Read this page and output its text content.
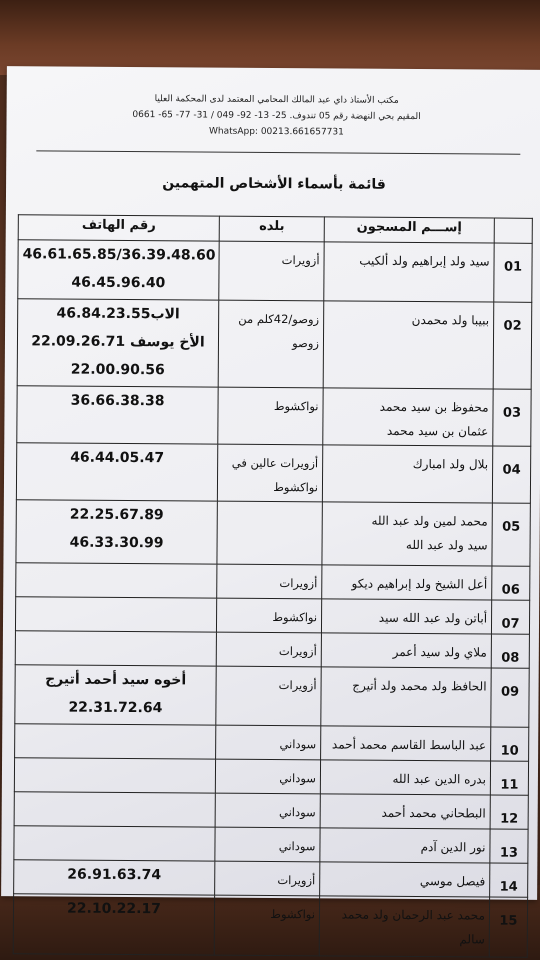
مكتب الأستاذ داي عبد المالك المحامي المعتمد لدى المحكمة العليا
المقيم بحي النهضة رقم 05 تندوف. 25- 13- 92- 049 / 31- 77- 65- 0661
WhatsApp: 00213.661657731
قائمة بأسماء الأشخاص المتهمين
	إســـم المسجون	بلده	رقم الهاتف
01	سيد ولد إبراهيم ولد ألكيب	أزويرات	46.61.65.85/36.39.48.60
46.45.96.40

02	ببيبا ولد محمدن	زوصو/42كلم من
زوصو	46.84.23.55الاب
22.09.26.71 الأخ يوسف
22.00.90.56

03	محفوظ بن سيد محمد
عثمان بن سيد محمد	نواكشوط	36.66.38.38

04	بلال ولد امبارك	أزويرات عالين في
نواكشوط	46.44.05.47

05	محمد لمين ولد عبد الله
سيد ولد عبد الله		22.25.67.89
46.33.30.99

06	أعل الشيخ ولد إبراهيم ديكو	أزويرات	

07	أباتن ولد عبد الله سيد	نواكشوط	

08	ملاي ولد سيد أعمر	أزويرات	

09	الحافظ ولد محمد ولد أتيرج	أزويرات	أخوه سيد أحمد أتيرج
22.31.72.64

10	عبد الباسط القاسم محمد أحمد	سوداني	

11	بدره الدين عبد الله	سوداني	

12	البطحاني محمد أحمد	سوداني	

13	نور الدين آدم	سوداني	

14	فيصل موسي	أزويرات	26.91.63.74

15	محمد عبد الرحمان ولد محمد
سالم	نواكشوط	22.10.22.17
